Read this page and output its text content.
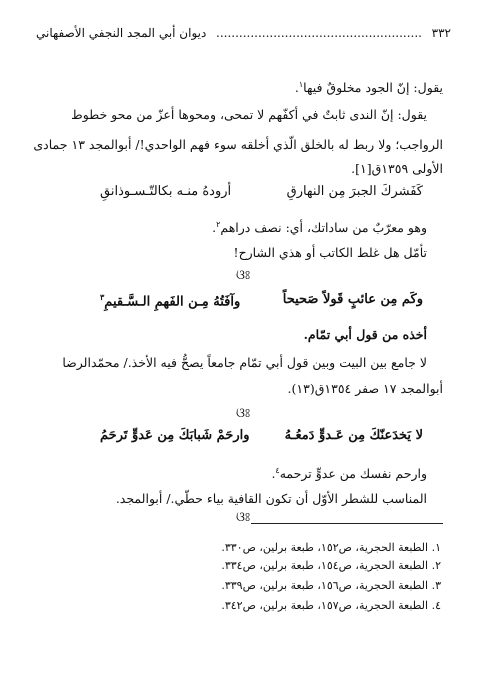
٣٣٢
......................................................
ديوان أبي المجد النجفي الأصفهاني
يقول: إنّ الجود مخلوقٌ فيها$^١$.
يقول: إنّ الندى ثابتٌ في أكفّهم لا تمحى، ومحوها أعزّ من محو خطوط
الرواجب؛ ولا ربط له بالخلق الّذي أخلقه سوء فهم الواحدي!/ أبوالمجد ١٣ جمادى
الأولى ١٣٥٩ق[١].
كَفَشركَ الجبرَ مِن النهارقِ
أرودهُ منـه بكالتّـسـوذانقِ
وهو معرّبٌ من ساداتك، أي: نصف دراهم$^٢$.
تأمّل هل غلط الكاتب أو هذي الشارح!
ଓଃ
وكَم مِن عائبٍ قَولاً صَحيحاً
وآفَتُهُ مِـن الفَهمِ الـسَّـقيمِ$^٣$
أخذه من قول أبي تمّام.
لا جامع بين البيت وبين قول أبي تمّام جامعاً يصحُّ فيه الأخذ./ محمّدالرضا
أبوالمجد ١٧ صفر ١٣٥٤ق(١٣).
ଓଃ
لا يَخدَعنّكَ مِن عَـدوٍّ دَمعُـهُ
وارحَمْ شَبابَكَ مِن عَدوٍّ تَرحَمُ
وارحم نفسك من عدوٍّ ترحمه$^٤$.
المناسب للشطر الأوّل أن تكون القافية بياء حطّي./ أبوالمجد.
ଓଃ
١. الطبعة الحجرية، ص١٥٢، طبعة برلين، ص٣٣٠.
٢. الطبعة الحجرية، ص١٥٤، طبعة برلين، ص٣٣٤.
٣. الطبعة الحجرية، ص١٥٦، طبعة برلين، ص٣٣٩.
٤. الطبعة الحجرية، ص١٥٧، طبعة برلين، ص٣٤٢.
